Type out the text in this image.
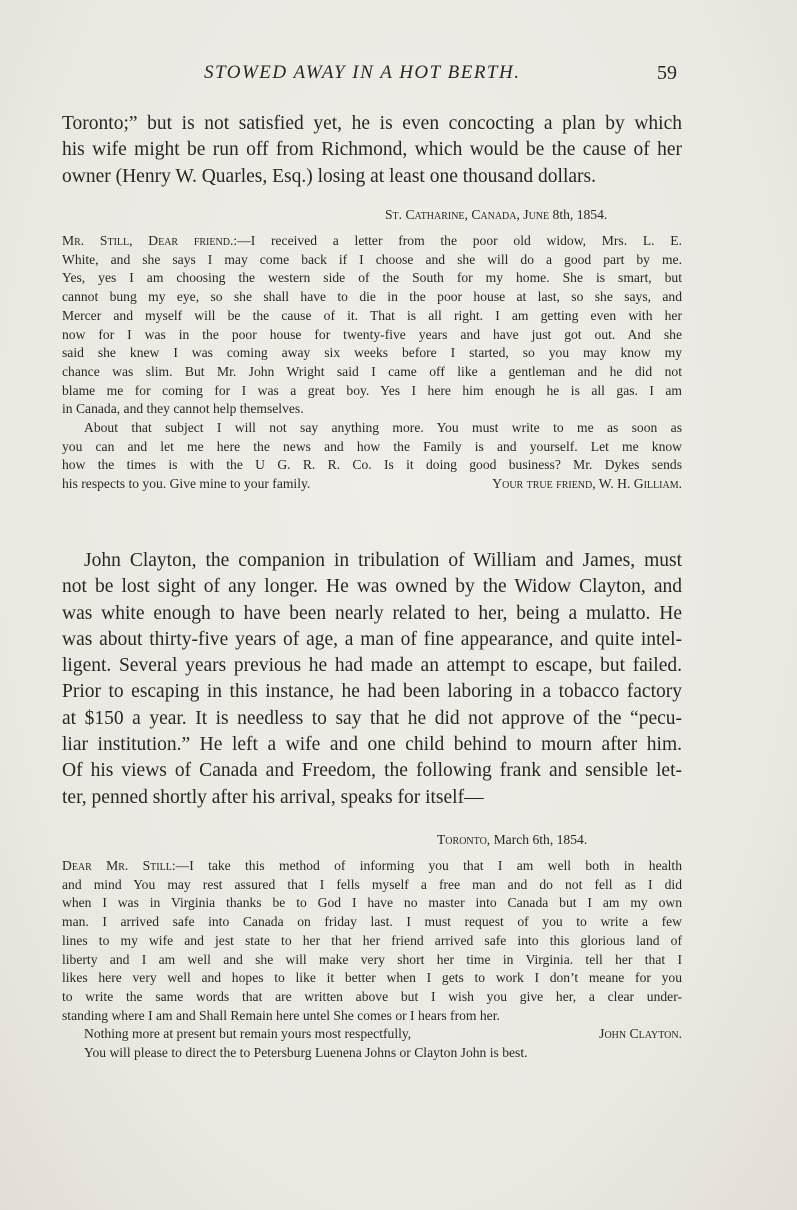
STOWED AWAY IN A HOT BERTH.	59
Toronto;” but is not satisfied yet, he is even concocting a plan by which
his wife might be run off from Richmond, which would be the cause of her
owner (Henry W. Quarles, Esq.) losing at least one thousand dollars.
St. Catharine, Canada, June 8th, 1854.
Mr. Still, Dear friend.:—I received a letter from the poor old widow, Mrs. L. E.
White, and she says I may come back if I choose and she will do a good part by me.
Yes, yes I am choosing the western side of the South for my home. She is smart, but
cannot bung my eye, so she shall have to die in the poor house at last, so she says, and
Mercer and myself will be the cause of it. That is all right. I am getting even with her
now for I was in the poor house for twenty-five years and have just got out. And she
said she knew I was coming away six weeks before I started, so you may know my
chance was slim. But Mr. John Wright said I came off like a gentleman and he did not
blame me for coming for I was a great boy. Yes I here him enough he is all gas. I am
in Canada, and they cannot help themselves.
About that subject I will not say anything more. You must write to me as soon as
you can and let me here the news and how the Family is and yourself. Let me know
how the times is with the U G. R. R. Co. Is it doing good business? Mr. Dykes sends
his respects to you. Give mine to your family.	Your true friend, W. H. Gilliam.
John Clayton, the companion in tribulation of William and James, must
not be lost sight of any longer. He was owned by the Widow Clayton, and
was white enough to have been nearly related to her, being a mulatto. He
was about thirty-five years of age, a man of fine appearance, and quite intel-
ligent. Several years previous he had made an attempt to escape, but failed.
Prior to escaping in this instance, he had been laboring in a tobacco factory
at $150 a year. It is needless to say that he did not approve of the “pecu-
liar institution.” He left a wife and one child behind to mourn after him.
Of his views of Canada and Freedom, the following frank and sensible let-
ter, penned shortly after his arrival, speaks for itself—
Toronto, March 6th, 1854.
Dear Mr. Still:—I take this method of informing you that I am well both in health
and mind You may rest assured that I fells myself a free man and do not fell as I did
when I was in Virginia thanks be to God I have no master into Canada but I am my own
man. I arrived safe into Canada on friday last. I must request of you to write a few
lines to my wife and jest state to her that her friend arrived safe into this glorious land of
liberty and I am well and she will make very short her time in Virginia. tell her that I
likes here very well and hopes to like it better when I gets to work I don’t meane for you
to write the same words that are written above but I wish you give her, a clear under-
standing where I am and Shall Remain here untel She comes or I hears from her.
Nothing more at present but remain yours most respectfully,	John Clayton.
You will please to direct the to Petersburg Luenena Johns or Clayton John is best.
